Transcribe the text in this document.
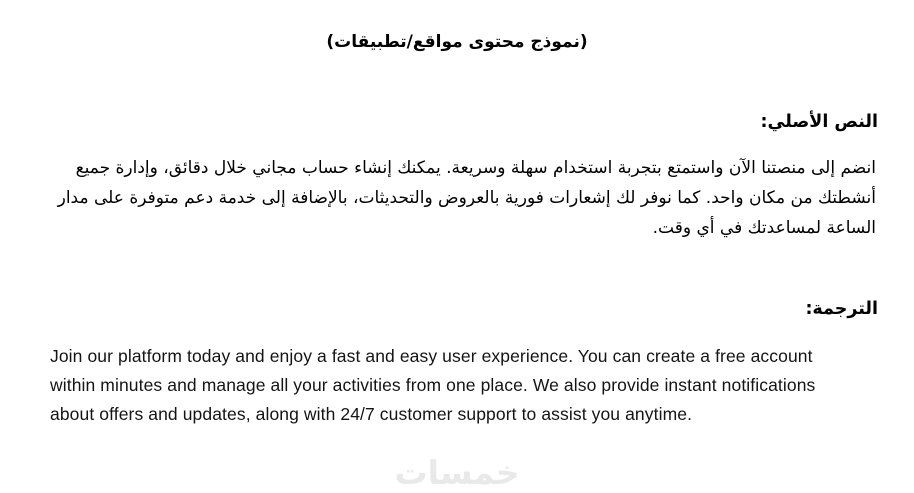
(نموذج محتوى مواقع/تطبيقات)
النص الأصلي:

انضم إلى منصتنا الآن واستمتع بتجربة استخدام سهلة وسريعة. يمكنك إنشاء حساب مجاني خلال دقائق، وإدارة جميع أنشطتك من مكان واحد. كما نوفر لك إشعارات فورية بالعروض والتحديثات، بالإضافة إلى خدمة دعم متوفرة على مدار الساعة لمساعدتك في أي وقت.

الترجمة:

Join our platform today and enjoy a fast and easy user experience. You can create a free account within minutes and manage all your activities from one place. We also provide instant notifications about offers and updates, along with 24/7 customer support to assist you anytime.

خمسات
